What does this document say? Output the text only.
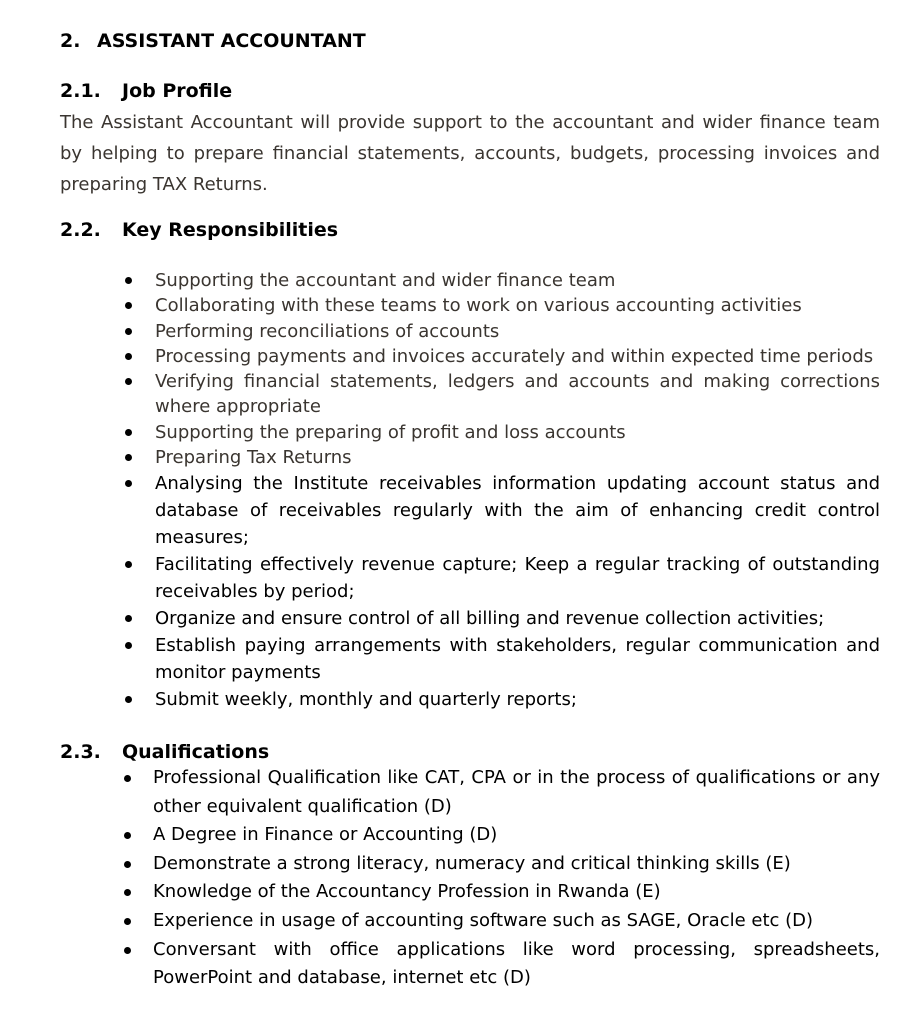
2. ASSISTANT ACCOUNTANT
2.1. Job Profile

The Assistant Accountant will provide support to the accountant and wider finance team by helping to prepare financial statements, accounts, budgets, processing invoices and preparing TAX Returns.

2.2. Key Responsibilities
Supporting the accountant and wider finance team
Collaborating with these teams to work on various accounting activities
Performing reconciliations of accounts
Processing payments and invoices accurately and within expected time periods
Verifying financial statements, ledgers and accounts and making corrections where appropriate
Supporting the preparing of profit and loss accounts
Preparing Tax Returns
Analysing the Institute receivables information updating account status and database of receivables regularly with the aim of enhancing credit control measures;
Facilitating effectively revenue capture; Keep a regular tracking of outstanding receivables by period;
Organize and ensure control of all billing and revenue collection activities;
Establish paying arrangements with stakeholders, regular communication and monitor payments
Submit weekly, monthly and quarterly reports;
2.3. Qualifications
Professional Qualification like CAT, CPA or in the process of qualifications or any other equivalent qualification (D)
A Degree in Finance or Accounting (D)
Demonstrate a strong literacy, numeracy and critical thinking skills (E)
Knowledge of the Accountancy Profession in Rwanda (E)
Experience in usage of accounting software such as SAGE, Oracle etc (D)
Conversant with office applications like word processing, spreadsheets, PowerPoint and database, internet etc (D)
